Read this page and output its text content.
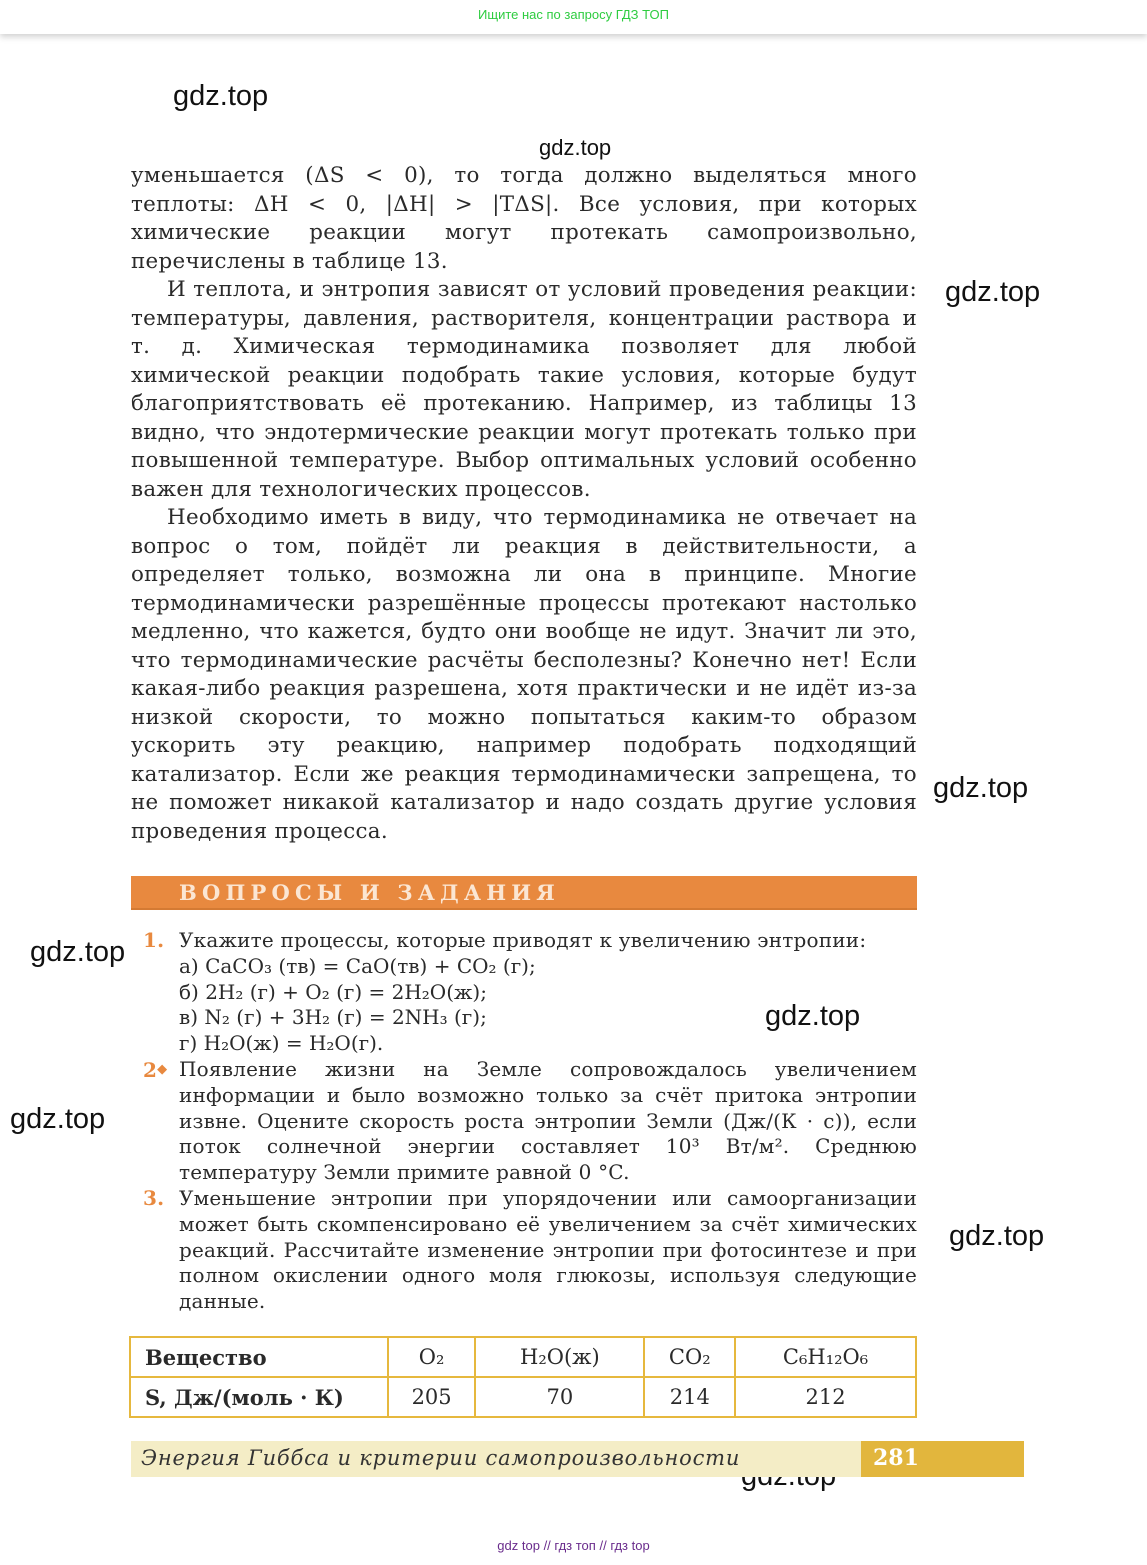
Ищите нас по запросу ГДЗ ТОП
gdz.top
gdz.top
gdz.top
gdz.top
gdz.top
gdz.top
gdz.top
gdz.top

уменьшается (ΔS < 0), то тогда должно выделяться много теплоты: ΔH < 0, |ΔH| > |TΔS|. Все условия, при которых химические реакции могут протекать самопроизвольно, перечислены в таблице 13.

И теплота, и энтропия зависят от условий проведения реакции: температуры, давления, растворителя, концентрации раствора и т. д. Химическая термодинамика позволяет для любой химической реакции подобрать такие условия, которые будут благоприятствовать её протеканию. Например, из таблицы 13 видно, что эндотермические реакции могут протекать только при повышенной температуре. Выбор оптимальных условий особенно важен для технологических процессов.

Необходимо иметь в виду, что термодинамика не отвечает на вопрос о том, пойдёт ли реакция в действительности, а определяет только, возможна ли она в принципе. Многие термодинамически разрешённые процессы протекают настолько медленно, что кажется, будто они вообще не идут. Значит ли это, что термодинамические расчёты бесполезны? Конечно нет! Если какая-либо реакция разрешена, хотя практически и не идёт из-за низкой скорости, то можно попытаться каким-то образом ускорить эту реакцию, например подобрать подходящий катализатор. Если же реакция термодинамически запрещена, то не поможет никакой катализатор и надо создать другие условия проведения процесса.

ВОПРОСЫ И ЗАДАНИЯ
1. Укажите процессы, которые приводят к увеличению энтропии:
а) CaCO₃ (тв) = CaO(тв) + CO₂ (г);
б) 2H₂ (г) + O₂ (г) = 2H₂O(ж);
в) N₂ (г) + 3H₂ (г) = 2NH₃ (г);
г) H₂O(ж) = H₂O(г).
2◆ Появление жизни на Земле сопровождалось увеличением информации и было возможно только за счёт притока энтропии извне. Оцените скорость роста энтропии Земли (Дж/(К · с)), если поток солнечной энергии составляет 10³ Вт/м². Среднюю температуру Земли примите равной 0 °C.
3. Уменьшение энтропии при упорядочении или самоорганизации может быть скомпенсировано её увеличением за счёт химических реакций. Рассчитайте изменение энтропии при фотосинтезе и при полном окислении одного моля глюкозы, используя следующие данные.
Вещество	O₂	H₂O(ж)	CO₂	C₆H₁₂O₆
S, Дж/(моль · К)	205	70	214	212
Энергия Гиббса и критерии самопроизвольности	281
gdz top // гдз топ // гдз top
